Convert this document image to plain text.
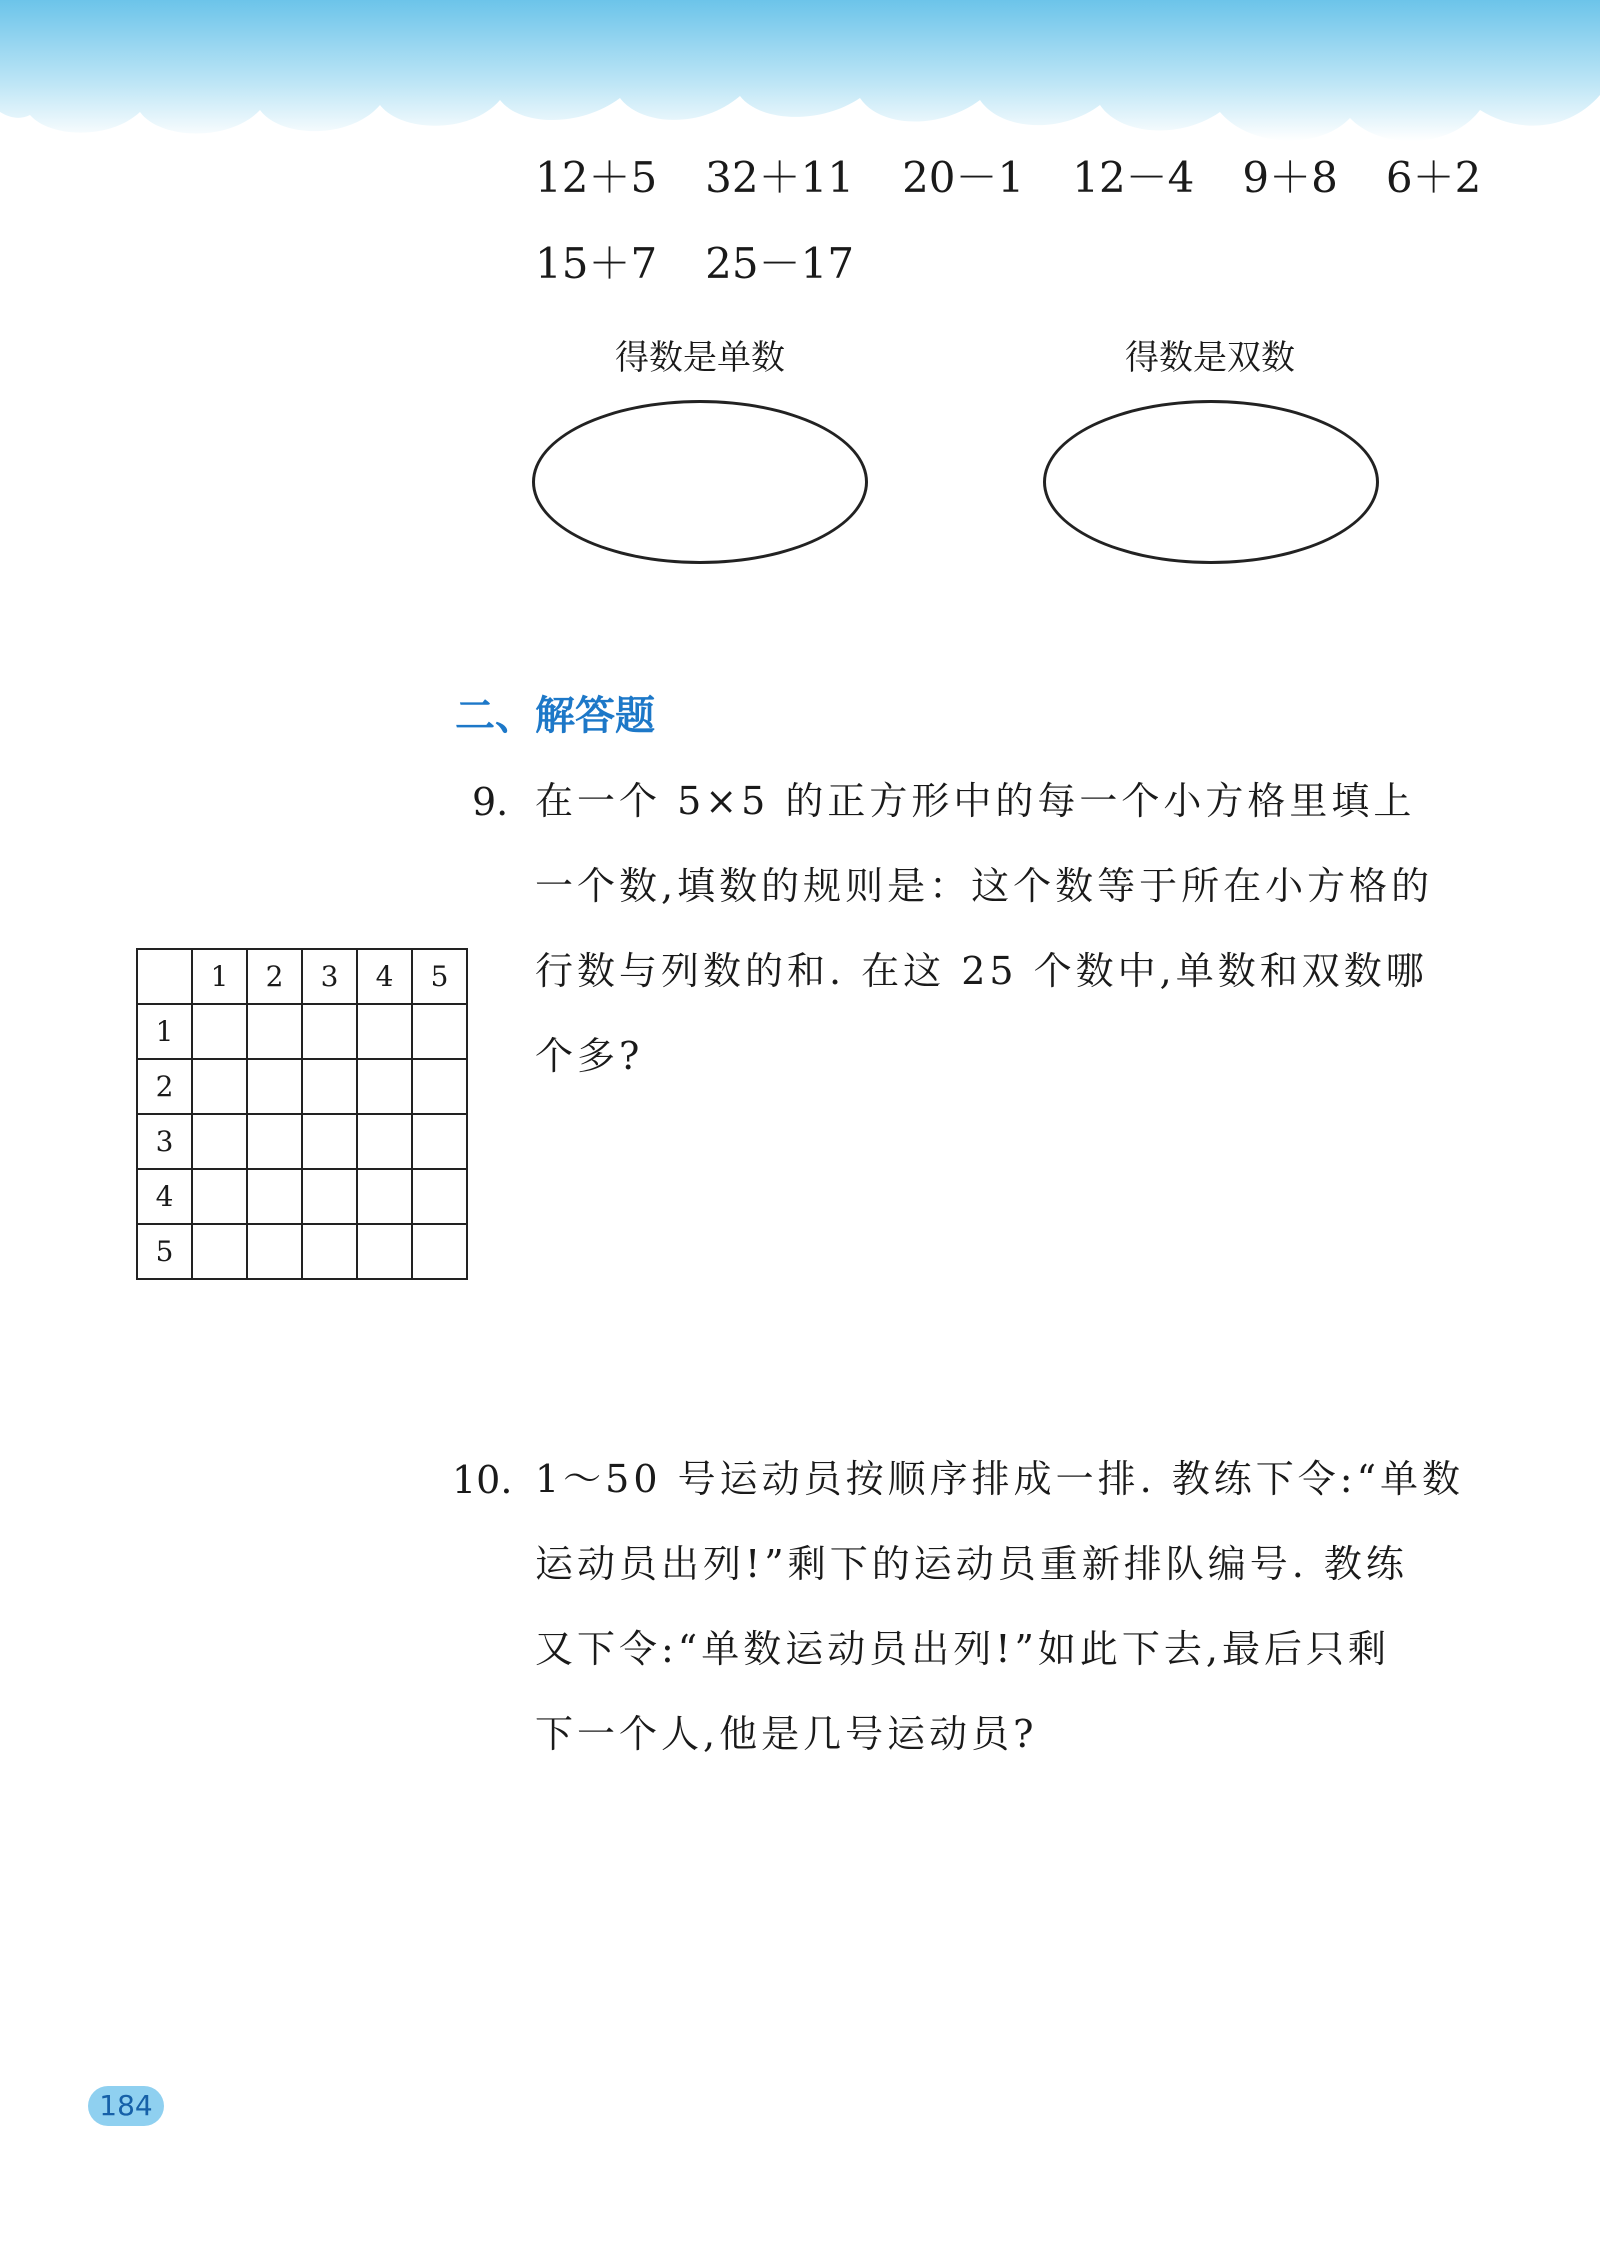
12＋5 32＋11 20－1 12－4 9＋8 6＋2
15＋7 25－17
得数是单数	得数是双数
二、解答题
9. 在一个 5×5 的正方形中的每一个小方格里填上
一个数,填数的规则是：这个数等于所在小方格的
行数与列数的和. 在这 25 个数中,单数和双数哪
个多?
	1	2	3	4	5
1					
2					
3					
4					
5					
10. 1～50 号运动员按顺序排成一排. 教练下令:“单数
运动员出列!”剩下的运动员重新排队编号. 教练
又下令:“单数运动员出列!”如此下去,最后只剩
下一个人,他是几号运动员?
184
